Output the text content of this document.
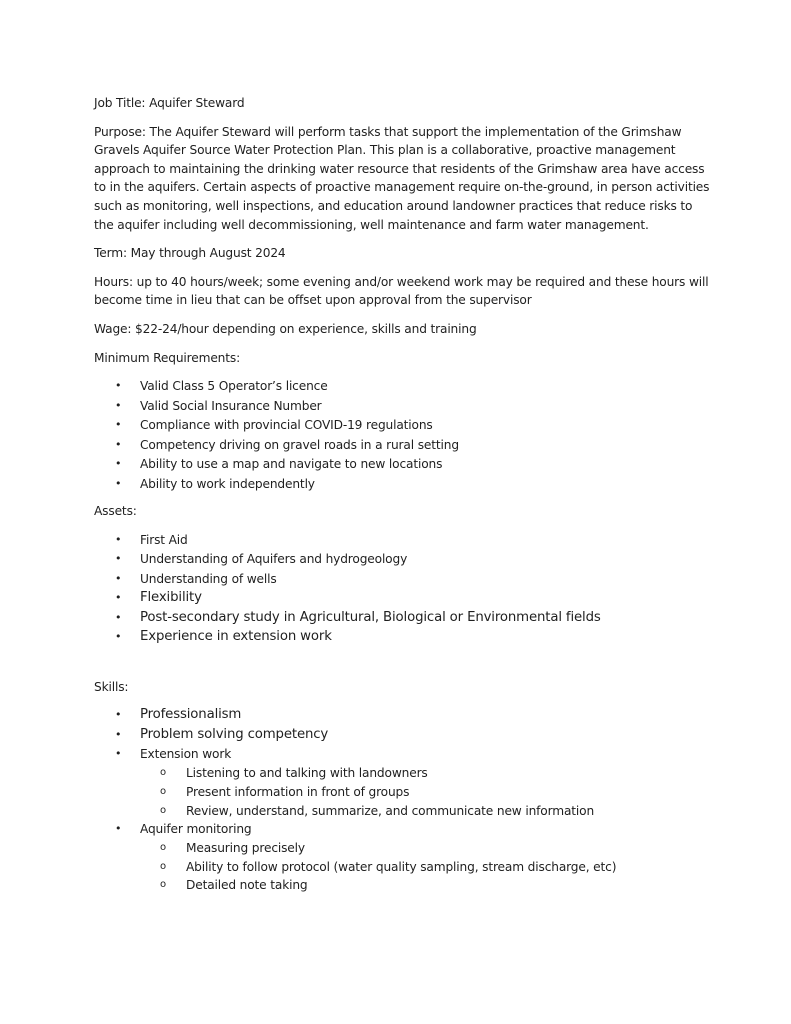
Job Title: Aquifer Steward

Purpose: The Aquifer Steward will perform tasks that support the implementation of the Grimshaw Gravels Aquifer Source Water Protection Plan. This plan is a collaborative, proactive management approach to maintaining the drinking water resource that residents of the Grimshaw area have access to in the aquifers. Certain aspects of proactive management require on-the-ground, in person activities such as monitoring, well inspections, and education around landowner practices that reduce risks to the aquifer including well decommissioning, well maintenance and farm water management.

Term: May through August 2024

Hours: up to 40 hours/week; some evening and/or weekend work may be required and these hours will become time in lieu that can be offset upon approval from the supervisor

Wage: $22-24/hour depending on experience, skills and training

Minimum Requirements:

• Valid Class 5 Operator’s licence
• Valid Social Insurance Number
• Compliance with provincial COVID-19 regulations
• Competency driving on gravel roads in a rural setting
• Ability to use a map and navigate to new locations
• Ability to work independently

Assets:

• First Aid
• Understanding of Aquifers and hydrogeology
• Understanding of wells
• Flexibility
• Post-secondary study in Agricultural, Biological or Environmental fields
• Experience in extension work

Skills:

• Professionalism
• Problem solving competency
• Extension work
o Listening to and talking with landowners
o Present information in front of groups
o Review, understand, summarize, and communicate new information
• Aquifer monitoring
o Measuring precisely
o Ability to follow protocol (water quality sampling, stream discharge, etc)
o Detailed note taking
